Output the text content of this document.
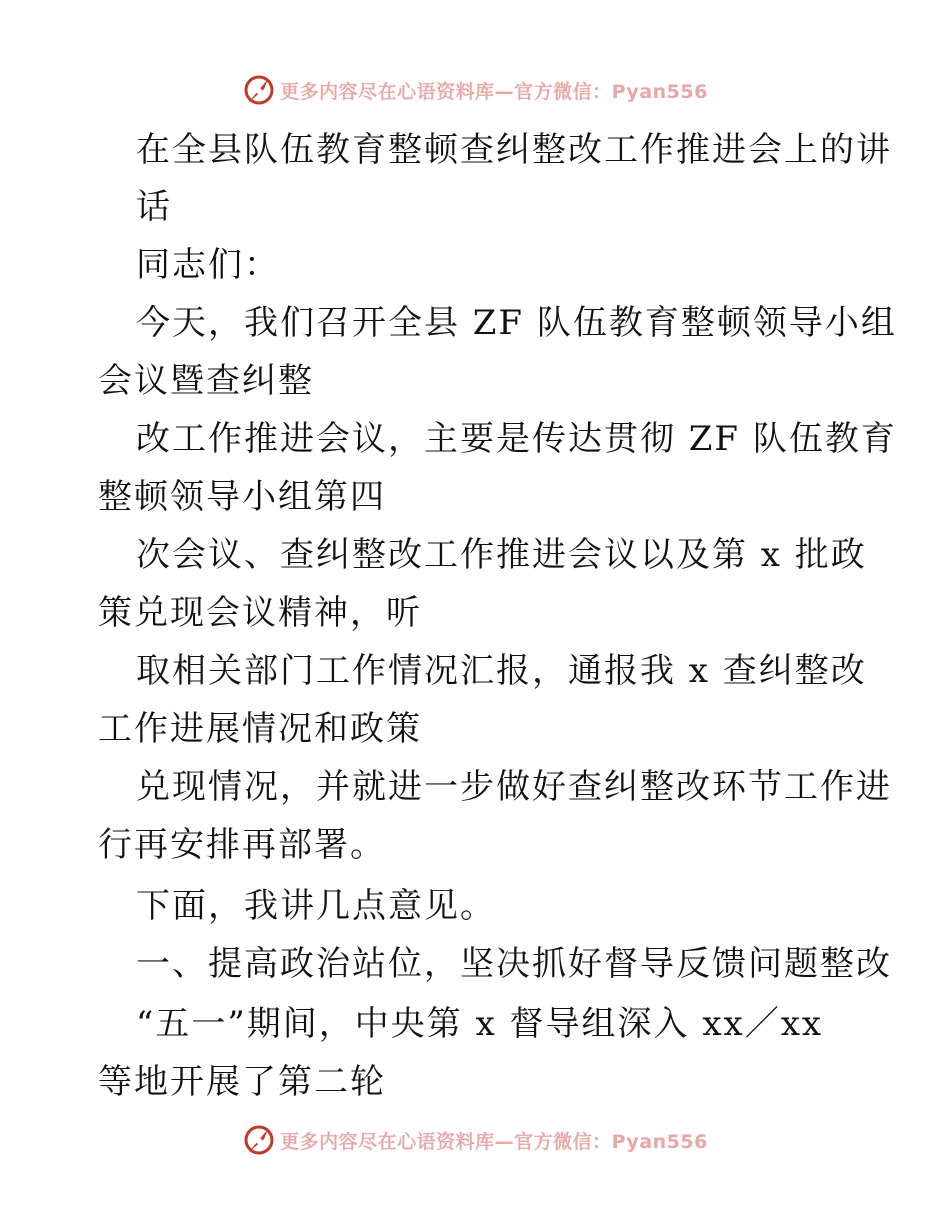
更多内容尽在心语资料库—官方微信：Pyan556
在全县队伍教育整顿查纠整改工作推进会上的讲
话
同志们：
今天，我们召开全县 ZF 队伍教育整顿领导小组
会议暨查纠整
改工作推进会议，主要是传达贯彻 ZF 队伍教育
整顿领导小组第四
次会议、查纠整改工作推进会议以及第 x 批政
策兑现会议精神，听
取相关部门工作情况汇报，通报我 x 查纠整改
工作进展情况和政策
兑现情况，并就进一步做好查纠整改环节工作进
行再安排再部署。
下面，我讲几点意见。
一、提高政治站位，坚决抓好督导反馈问题整改
“五一”期间，中央第 x 督导组深入 xx／xx
等地开展了第二轮
更多内容尽在心语资料库—官方微信：Pyan556
